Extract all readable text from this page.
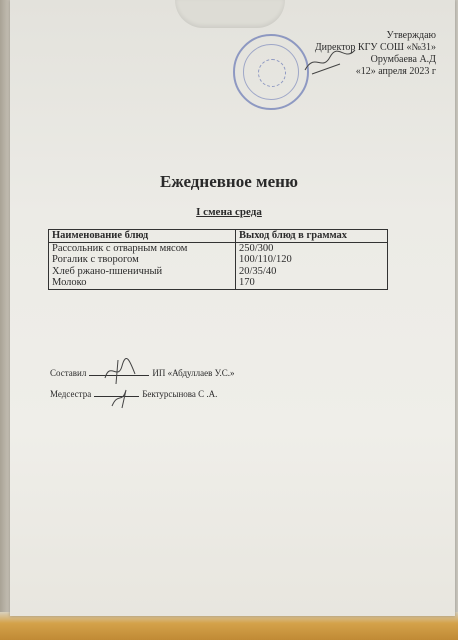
Утверждаю
Директор КГУ СОШ «№31»
Орумбаева А.Д
«12» апреля 2023 г
Ежедневное меню
I смена среда
Наименование блюд	Выход блюд в граммах
Рассольник с отварным мясом	250/300
Рогалик с творогом	100/110/120
Хлеб ржано-пшеничный	20/35/40
Молоко	170
Составил	ИП «Абдуллаев У.С.»
Медсестра	Бектурсынова С .А.
